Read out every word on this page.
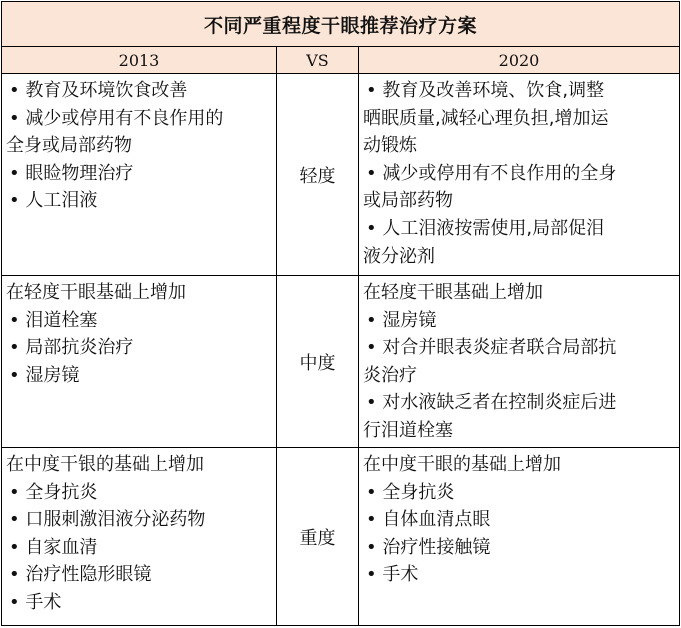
不同严重程度干眼推荐治疗方案
2013	VS	2020
• 教育及环境饮食改善
• 减少或停用有不良作用的
全身或局部药物
• 眼睑物理治疗
• 人工泪液
轻度
• 教育及改善环境、饮食,调整
晒眠质量,减轻心理负担,增加运
动锻炼
• 减少或停用有不良作用的全身
或局部药物
• 人工泪液按需使用,局部促泪
液分泌剂
在轻度干眼基础上增加
• 泪道栓塞
• 局部抗炎治疗
• 湿房镜
中度
在轻度干眼基础上增加
• 湿房镜
• 对合并眼表炎症者联合局部抗
炎治疗
• 对水液缺乏者在控制炎症后进
行泪道栓塞
在中度干银的基础上增加
• 全身抗炎
• 口服刺激泪液分泌药物
• 自家血清
• 治疗性隐形眼镜
• 手术
重度
在中度干眼的基础上增加
• 全身抗炎
• 自体血清点眼
• 治疗性接触镜
• 手术
